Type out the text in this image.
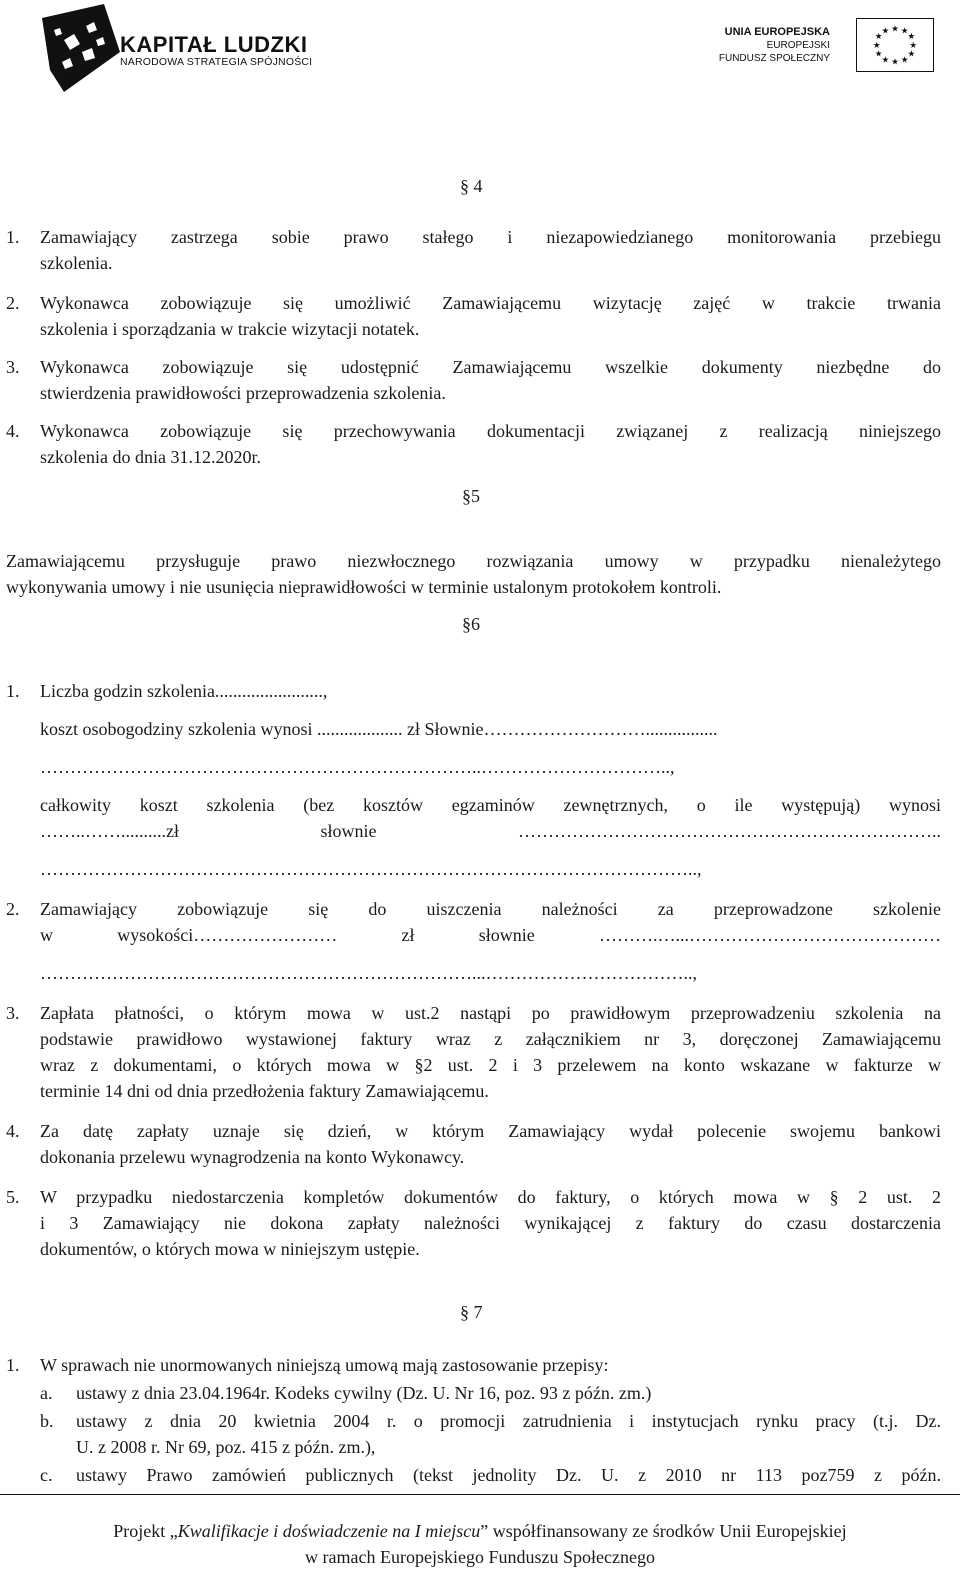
KAPITAŁ LUDZKI
NARODOWA STRATEGIA SPÓJNOŚCI
UNIA EUROPEJSKA
EUROPEJSKI
FUNDUSZ SPOŁECZNY
★ ★
★
★
★
★
★
★
★
★
★
★
§ 4
1. Zamawiający zastrzega sobie prawo stałego i niezapowiedzianego monitorowania przebiegu
szkolenia.
2. Wykonawca zobowiązuje się umożliwić Zamawiającemu wizytację zajęć w trakcie trwania
szkolenia i sporządzania w trakcie wizytacji notatek.
3. Wykonawca zobowiązuje się udostępnić Zamawiającemu wszelkie dokumenty niezbędne do
stwierdzenia prawidłowości przeprowadzenia szkolenia.
4. Wykonawca zobowiązuje się przechowywania dokumentacji związanej z realizacją niniejszego
szkolenia do dnia 31.12.2020r.
§5
Zamawiającemu przysługuje prawo niezwłocznego rozwiązania umowy w przypadku nienależytego
wykonywania umowy i nie usunięcia nieprawidłowości w terminie ustalonym protokołem kontroli.
§6
1. Liczba godzin szkolenia........................,
koszt osobogodziny szkolenia wynosi ................... zł Słownie………………………................
………………………………………………………………..…………………………..,
całkowity koszt szkolenia (bez kosztów egzaminów zewnętrznych, o ile występują) wynosi
……..……..........zł słownie ……………………………………………………………..
………………………………………………………………………………………………..,
2. Zamawiający zobowiązuje się do uiszczenia należności za przeprowadzone szkolenie
w wysokości…………………… zł słownie ……….…...……………………………………
………………………………………………………………...……………………………..,
3. Zapłata płatności, o którym mowa w ust.2 nastąpi po prawidłowym przeprowadzeniu szkolenia na
podstawie prawidłowo wystawionej faktury wraz z załącznikiem nr 3, doręczonej Zamawiającemu
wraz z dokumentami, o których mowa w §2 ust. 2 i 3 przelewem na konto wskazane w fakturze w
terminie 14 dni od dnia przedłożenia faktury Zamawiającemu.
4. Za datę zapłaty uznaje się dzień, w którym Zamawiający wydał polecenie swojemu bankowi
dokonania przelewu wynagrodzenia na konto Wykonawcy.
5. W przypadku niedostarczenia kompletów dokumentów do faktury, o których mowa w § 2 ust. 2
i 3 Zamawiający nie dokona zapłaty należności wynikającej z faktury do czasu dostarczenia
dokumentów, o których mowa w niniejszym ustępie.
§ 7
1. W sprawach nie unormowanych niniejszą umową mają zastosowanie przepisy:
a. ustawy z dnia 23.04.1964r. Kodeks cywilny (Dz. U. Nr 16, poz. 93 z późn. zm.)
b. ustawy z dnia 20 kwietnia 2004 r. o promocji zatrudnienia i instytucjach rynku pracy (t.j. Dz.
U. z 2008 r. Nr 69, poz. 415 z późn. zm.),
c. ustawy Prawo zamówień publicznych (tekst jednolity Dz. U. z 2010 nr 113 poz759 z późn.
Projekt „Kwalifikacje i doświadczenie na I miejscu” współfinansowany ze środków Unii Europejskiej
w ramach Europejskiego Funduszu Społecznego
